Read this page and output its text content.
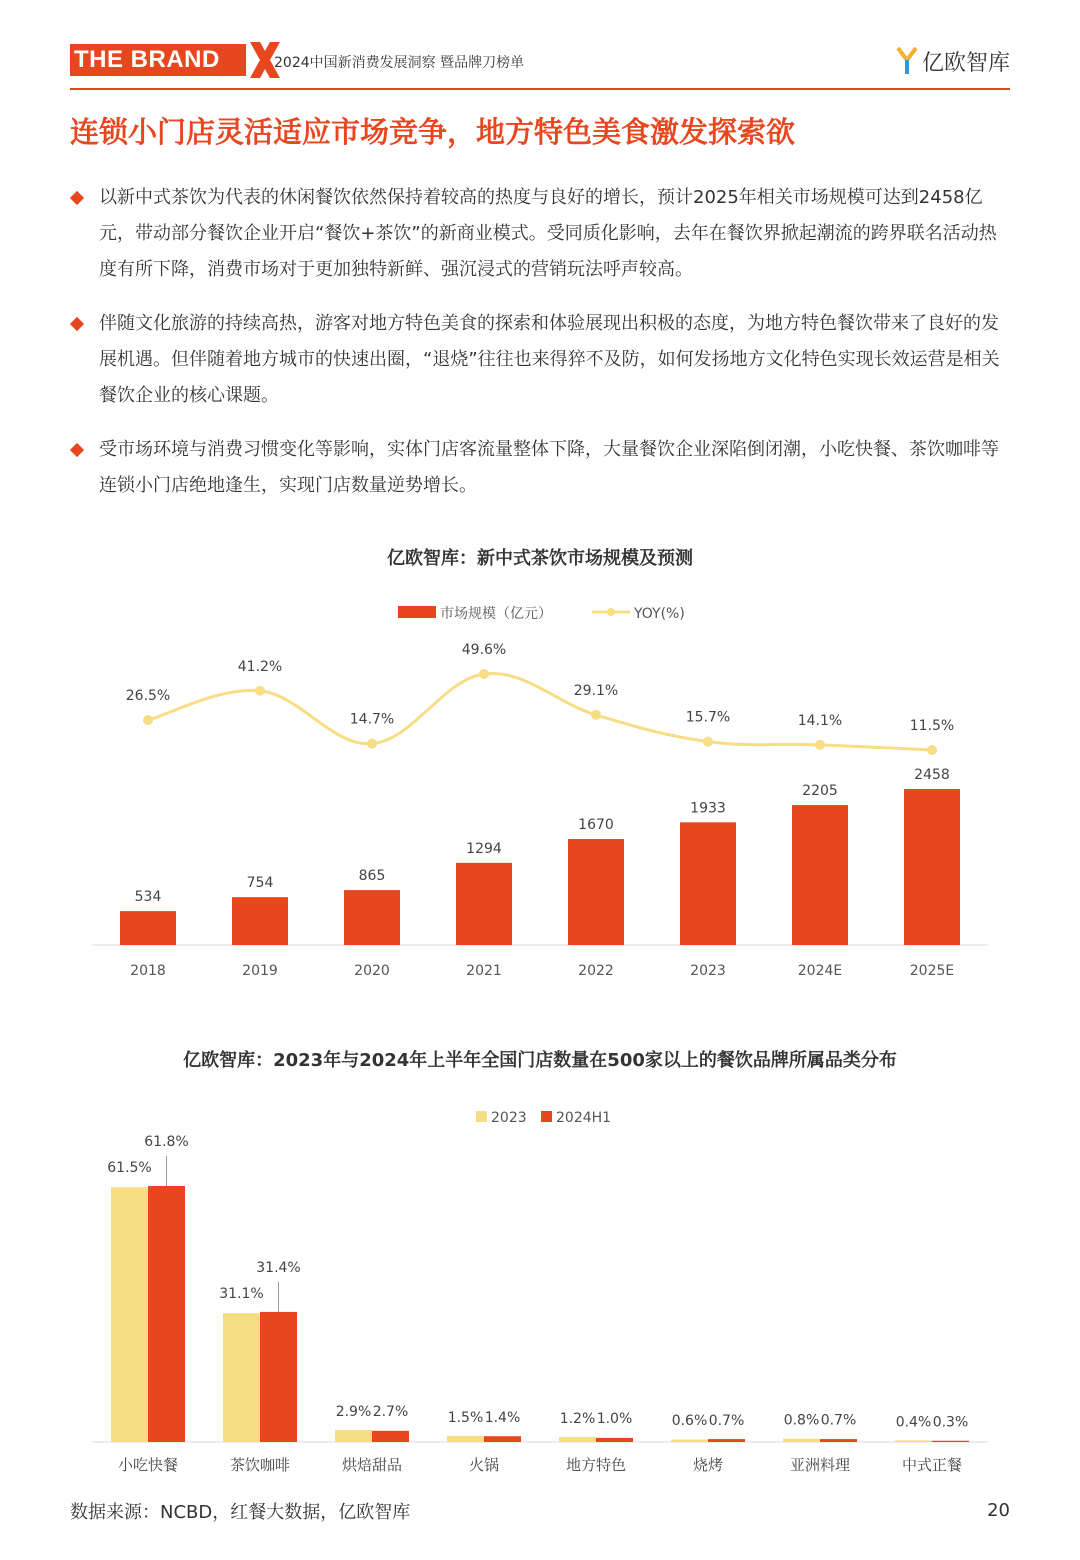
THE BRAND	2024中国新消费发展洞察 暨品牌刀榜单	亿欧智库
连锁小门店灵活适应市场竞争，地方特色美食激发探索欲
以新中式茶饮为代表的休闲餐饮依然保持着较高的热度与良好的增长，预计2025年相关市场规模可达到2458亿元，带动部分餐饮企业开启“餐饮+茶饮”的新商业模式。受同质化影响，去年在餐饮界掀起潮流的跨界联名活动热度有所下降，消费市场对于更加独特新鲜、强沉浸式的营销玩法呼声较高。
伴随文化旅游的持续高热，游客对地方特色美食的探索和体验展现出积极的态度，为地方特色餐饮带来了良好的发展机遇。但伴随着地方城市的快速出圈，“退烧”往往也来得猝不及防，如何发扬地方文化特色实现长效运营是相关餐饮企业的核心课题。
受市场环境与消费习惯变化等影响，实体门店客流量整体下降，大量餐饮企业深陷倒闭潮，小吃快餐、茶饮咖啡等连锁小门店绝地逢生，实现门店数量逆势增长。
亿欧智库：新中式茶饮市场规模及预测
市场规模（亿元）	YOY(%)
534
2018
754
2019
865
2020
1294
2021
1670
2022
1933
2023
2205
2024E
2458
2025E
26.5%
41.2%
14.7%
49.6%
29.1%
15.7%	14.1%	11.5%
亿欧智库：2023年与2024年上半年全国门店数量在500家以上的餐饮品牌所属品类分布
2023 2024H1
61.5%
61.8%
小吃快餐
31.1%
31.4%
茶饮咖啡
2.9% 2.7%
烘焙甜品
1.5% 1.4%
火锅
1.2% 1.0%
地方特色
0.6% 0.7%
烧烤
0.8% 0.7%
亚洲料理
0.4% 0.3%
中式正餐
数据来源：NCBD，红餐大数据，亿欧智库	20
